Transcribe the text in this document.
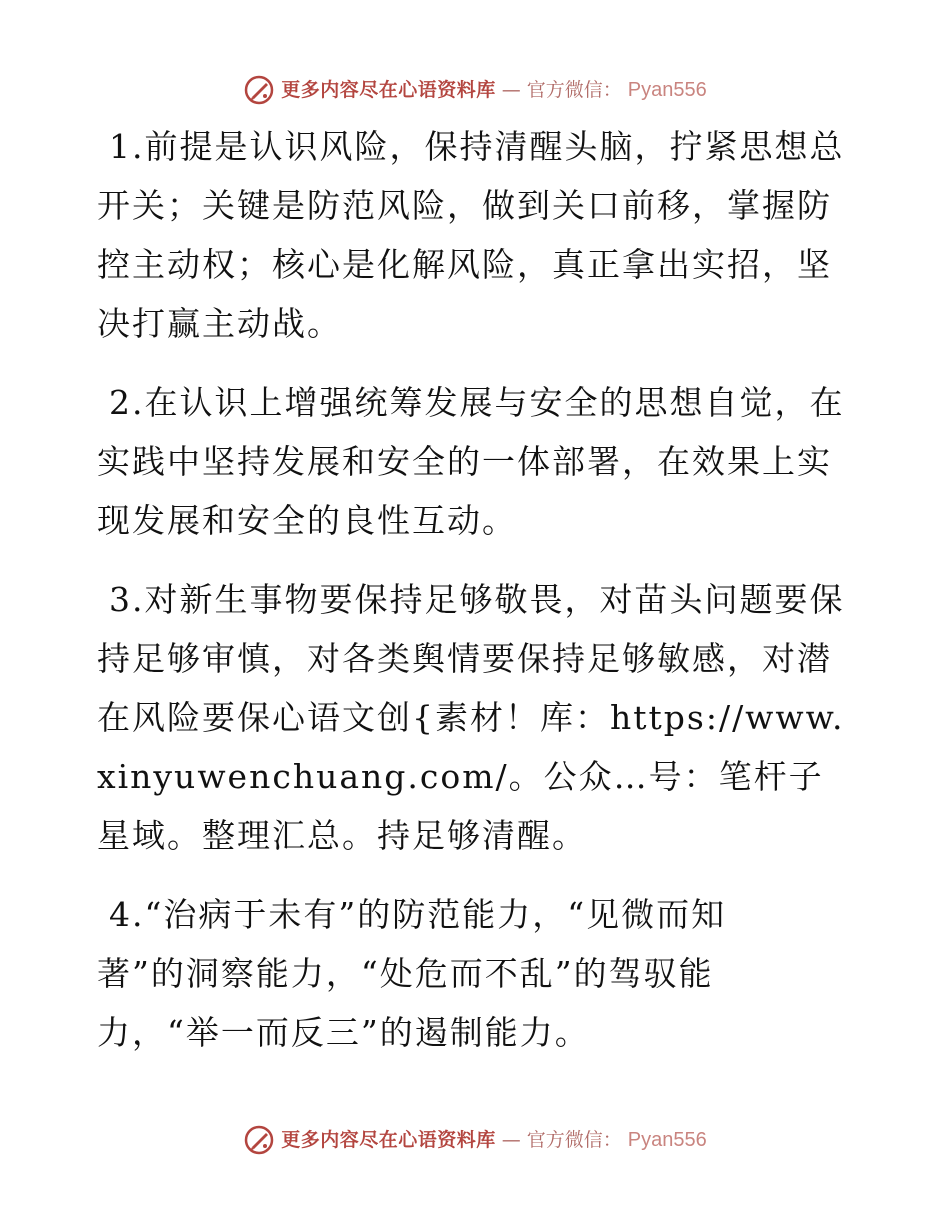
更多内容尽在心语资料库 — 官方微信： Pyan556

1.前提是认识风险，保持清醒头脑，拧紧思想总开关；关键是防范风险，做到关口前移，掌握防控主动权；核心是化解风险，真正拿出实招，坚决打赢主动战。

2.在认识上增强统筹发展与安全的思想自觉，在实践中坚持发展和安全的一体部署，在效果上实现发展和安全的良性互动。

3.对新生事物要保持足够敬畏，对苗头问题要保持足够审慎，对各类舆情要保持足够敏感，对潜在风险要保心语文创{素材！库：https://www.xinyuwenchuang.com/。公众…号：笔杆子星域。整理汇总。持足够清醒。

4.“治病于未有”的防范能力，“见微而知著”的洞察能力，“处危而不乱”的驾驭能力，“举一而反三”的遏制能力。

更多内容尽在心语资料库 — 官方微信： Pyan556
